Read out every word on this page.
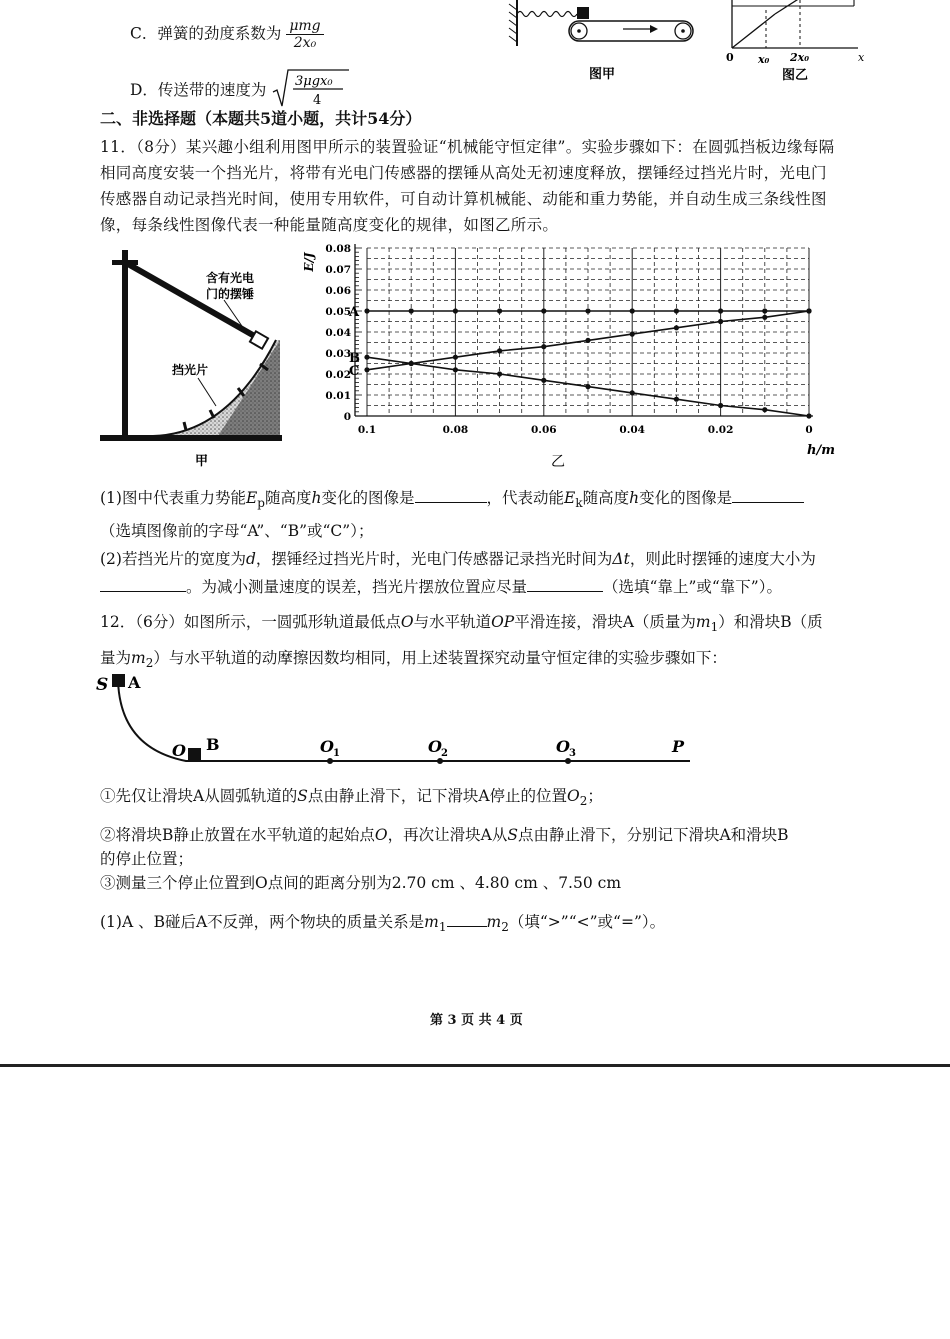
C．弹簧的劲度系数为 $\frac{\text{μmg}}{\text{2x₀}}$
D．传送带的速度为 3μgx₀
4
图甲
0 x₀ 2x₀	x
图乙
二、非选择题（本题共5道小题，共计54分）
11．（8分）某兴趣小组利用图甲所示的装置验证“机械能守恒定律”。实验步骤如下：在圆弧挡板边缘每隔
相同高度安装一个挡光片，将带有光电门传感器的摆锤从高处无初速度释放，摆锤经过挡光片时，光电门
传感器自动记录挡光时间，使用专用软件，可自动计算机械能、动能和重力势能，并自动生成三条线性图
像，每条线性图像代表一种能量随高度变化的规律，如图乙所示。
含有光电
门的摆锤
挡光片
甲
0
0.01
0.02
0.03
0.04
0.05
0.06
0.07
0.08
0.1	0.08	0.06	0.04	0.02	0
A
B
C
E/J
h/m
乙
(1)图中代表重力势能$E_p$随高度h变化的图像是	，代表动能$E_k$随高度h变化的图像是
（选填图像前的字母“A”、“B”或“C”）；
(2)若挡光片的宽度为d，摆锤经过挡光片时，光电门传感器记录挡光时间为Δt，则此时摆锤的速度大小为
。为减小测量速度的误差，挡光片摆放位置应尽量	（选填“靠上”或“靠下”）。
12．（6分）如图所示，一圆弧形轨道最低点O与水平轨道OP平滑连接，滑块A（质量为$m_1$）和滑块B（质
量为$m_2$）与水平轨道的动摩擦因数均相同，用上述装置探究动量守恒定律的实验步骤如下：
S A
O B	O 1	O 2	O 3	P
①先仅让滑块A从圆弧轨道的S点由静止滑下，记下滑块A停止的位置$O_2$；
②将滑块B静止放置在水平轨道的起始点O，再次让滑块A从S点由静止滑下，分别记下滑块A和滑块B
的停止位置；
③测量三个停止位置到O点间的距离分别为2.70 cm 、4.80 cm 、7.50 cm
(1)A 、B碰后A不反弹，两个物块的质量关系是$m_1$	$m_2$（填“>”“<”或“=”）。
第 3 页 共 4 页
